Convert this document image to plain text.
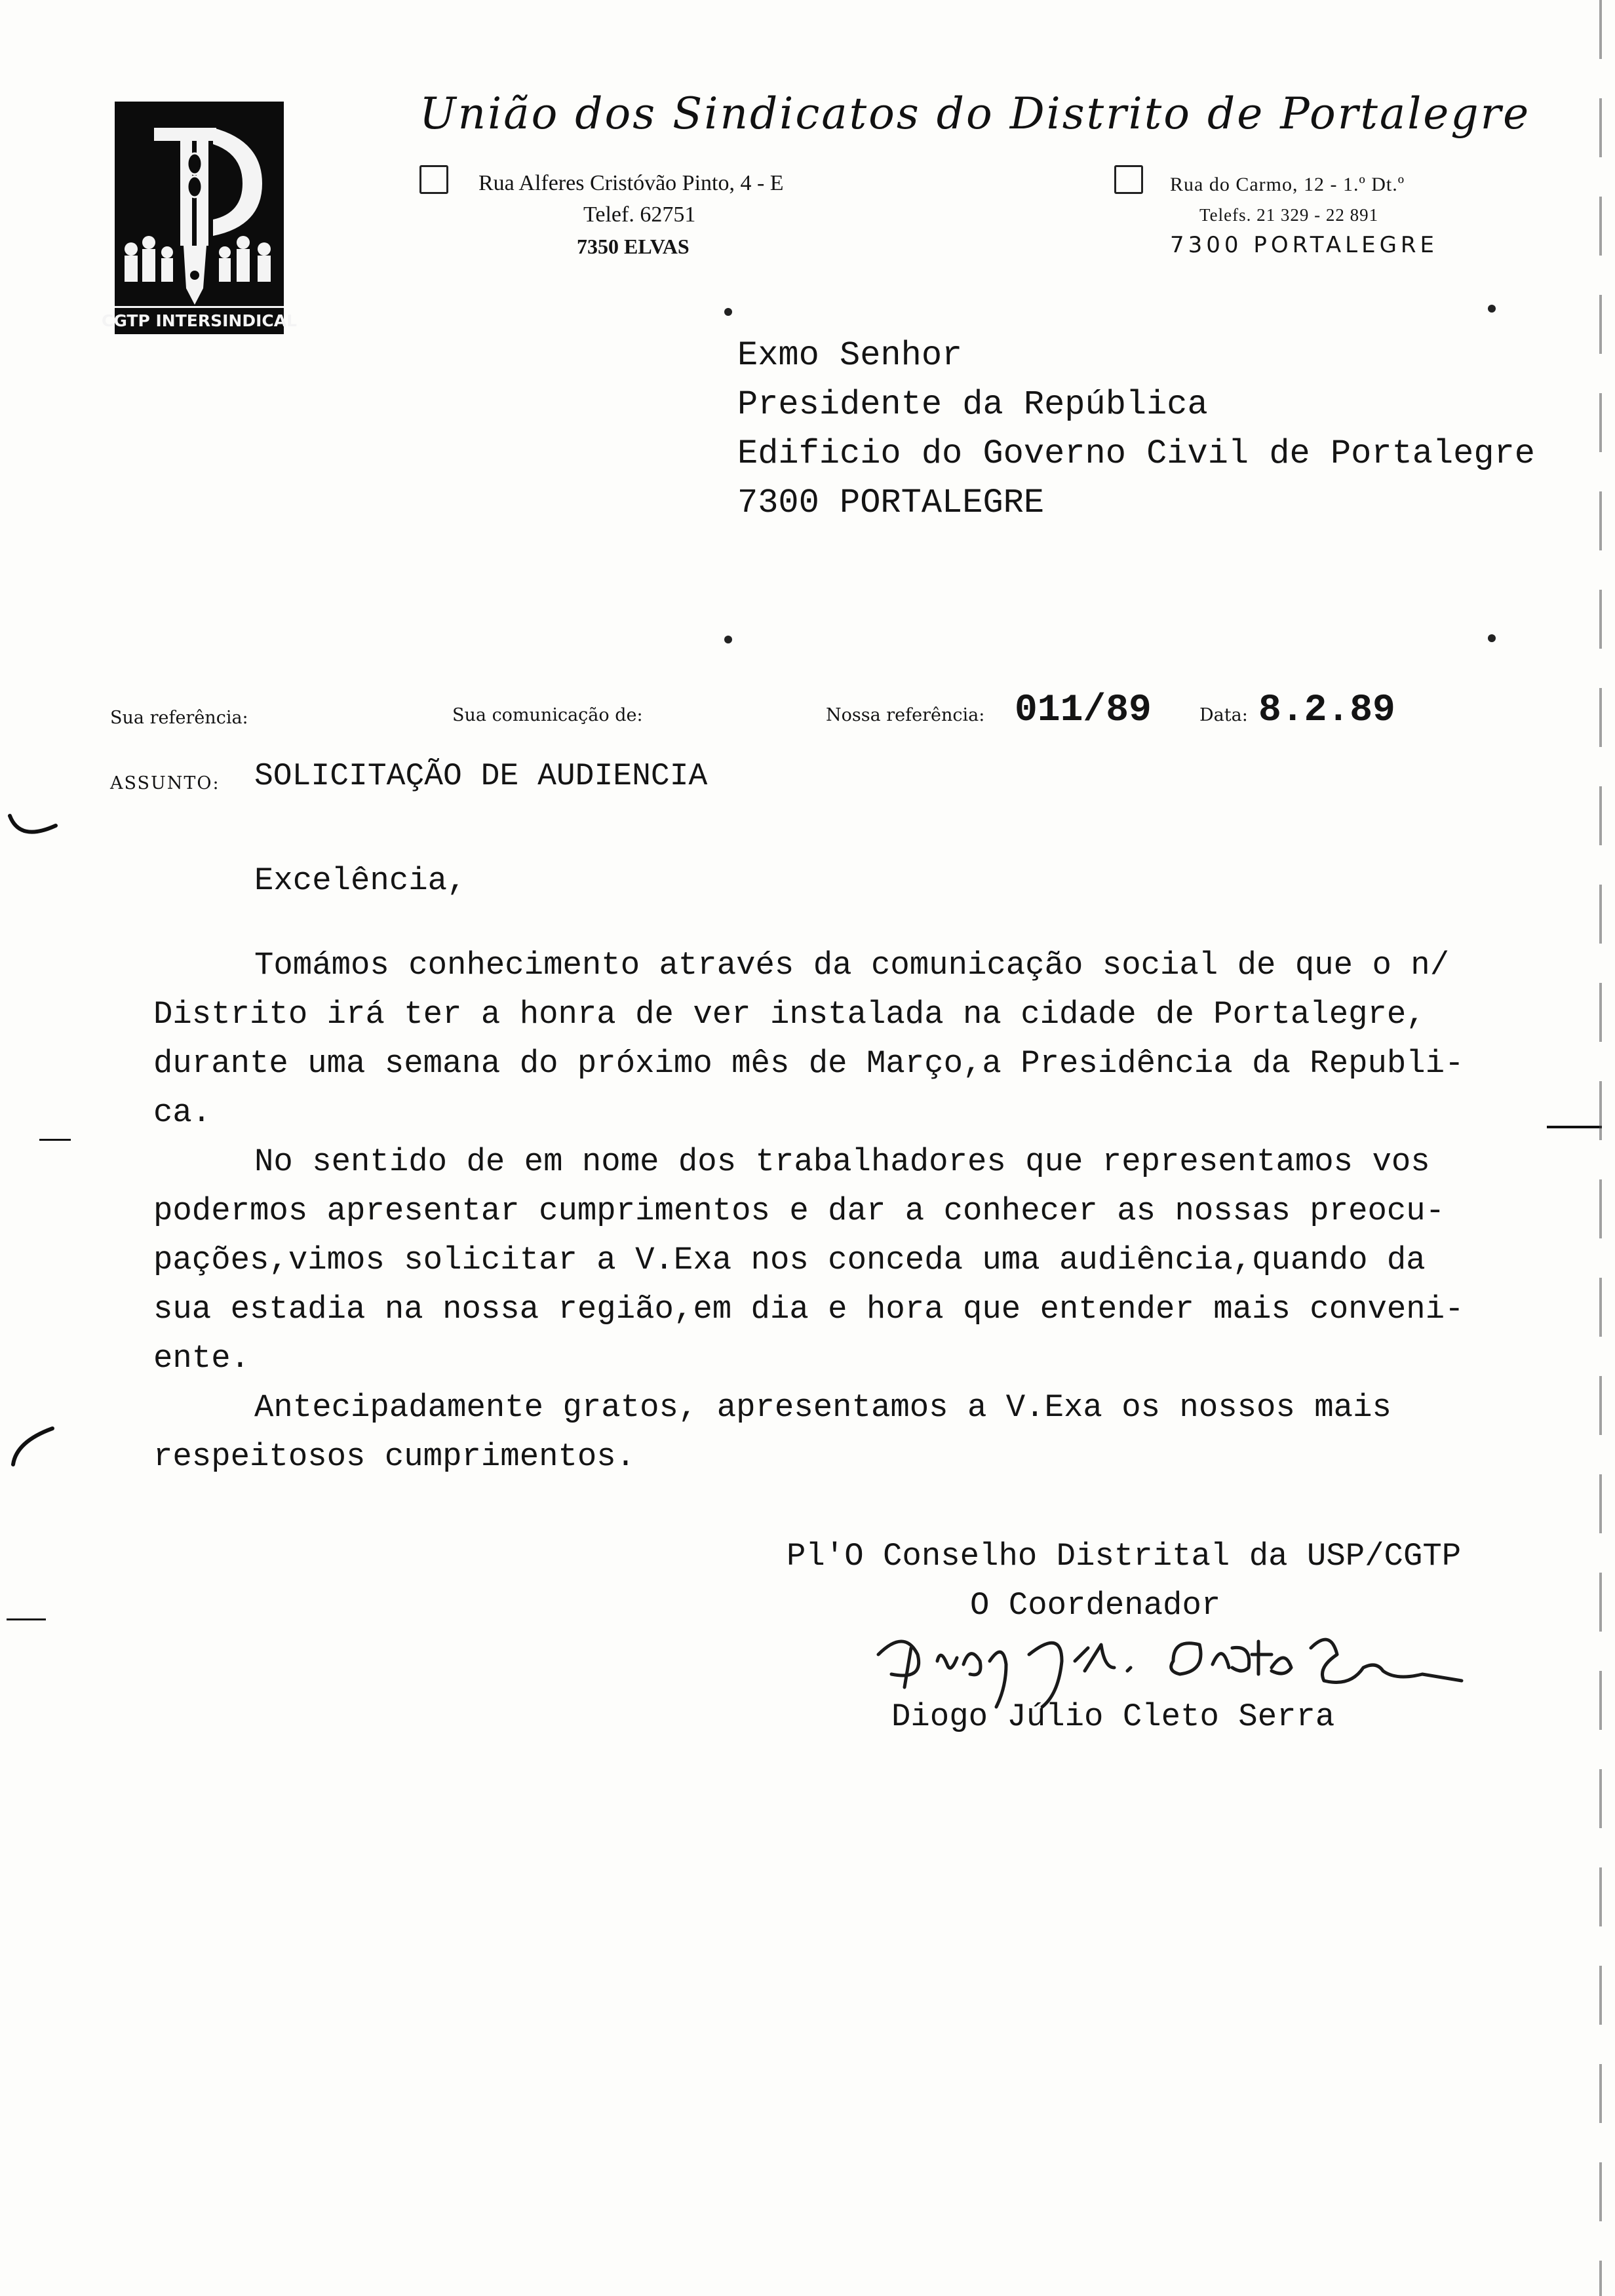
CGTP INTERSINDICAL
União dos Sindicatos do Distrito de Portalegre
Rua Alferes Cristóvão Pinto, 4 - E
Telef. 62751
7350 ELVAS
Rua do Carmo, 12 - 1.º Dt.º
Telefs. 21 329 - 22 891
7300 PORTALEGRE
Exmo Senhor
Presidente da República
Edificio do Governo Civil de Portalegre
7300 PORTALEGRE
Sua referência:	Sua comunicação de:	Nossa referência: 011/89	Data: 8.2.89
ASSUNTO: SOLICITAÇÃO DE AUDIENCIA
Excelência,
Tomámos conhecimento através da comunicação social de que o n/
Distrito irá ter a honra de ver instalada na cidade de Portalegre,
durante uma semana do próximo mês de Março,a Presidência da Republi-
ca.
No sentido de em nome dos trabalhadores que representamos vos
podermos apresentar cumprimentos e dar a conhecer as nossas preocu-
pações,vimos solicitar a V.Exa nos conceda uma audiência,quando da
sua estadia na nossa região,em dia e hora que entender mais conveni-
ente.
Antecipadamente gratos, apresentamos a V.Exa os nossos mais
respeitosos cumprimentos.
Pl'O Conselho Distrital da USP/CGTP
O Coordenador
Diogo Júlio Cleto Serra
